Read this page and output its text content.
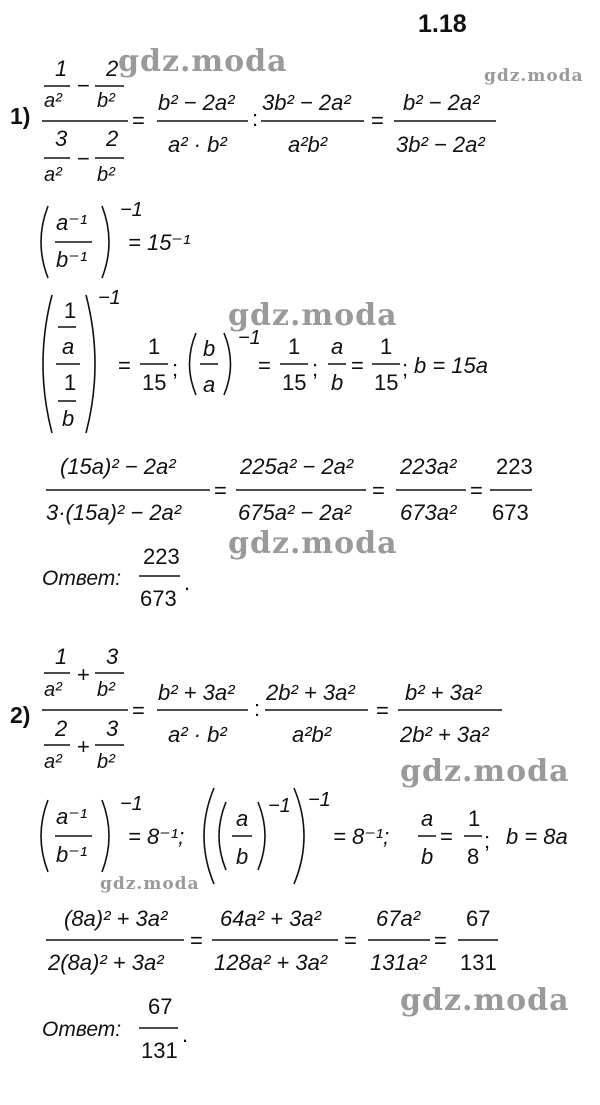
gdz.moda	gdz.moda
gdz.moda
gdz.moda
gdz.moda
gdz.moda
gdz.moda
1.18
1)
1
a²
−
2
b²
3
a²
−
2
b²
=
b² − 2a²
a² · b²
:
3b² − 2a²
a²b²
=
b² − 2a²
3b² − 2a²
a⁻¹
b⁻¹
−1
= 15⁻¹
1
a
1
b
−1
=
1
15
;
b
a
−1
=
1
15
;
a
b
=
1
15
; b = 15a
(15a)² − 2a²
3·(15a)² − 2a²
=
225a² − 2a²
675a² − 2a²
=
223a²
673a²
=
223
673
Ответ:
223
673
.
2)
1
a²
+
3
b²
2
a²
+
3
b²
=
b² + 3a²
a² · b²
:
2b² + 3a²
a²b²
=
b² + 3a²
2b² + 3a²
a⁻¹
b⁻¹
−1
= 8⁻¹;
a
b
−1 −1
= 8⁻¹;
a
b
=
1
8
; b = 8a
(8a)² + 3a²
2(8a)² + 3a²
=
64a² + 3a²
128a² + 3a²
=
67a²
131a²
=
67
131
Ответ:
67
131
.
